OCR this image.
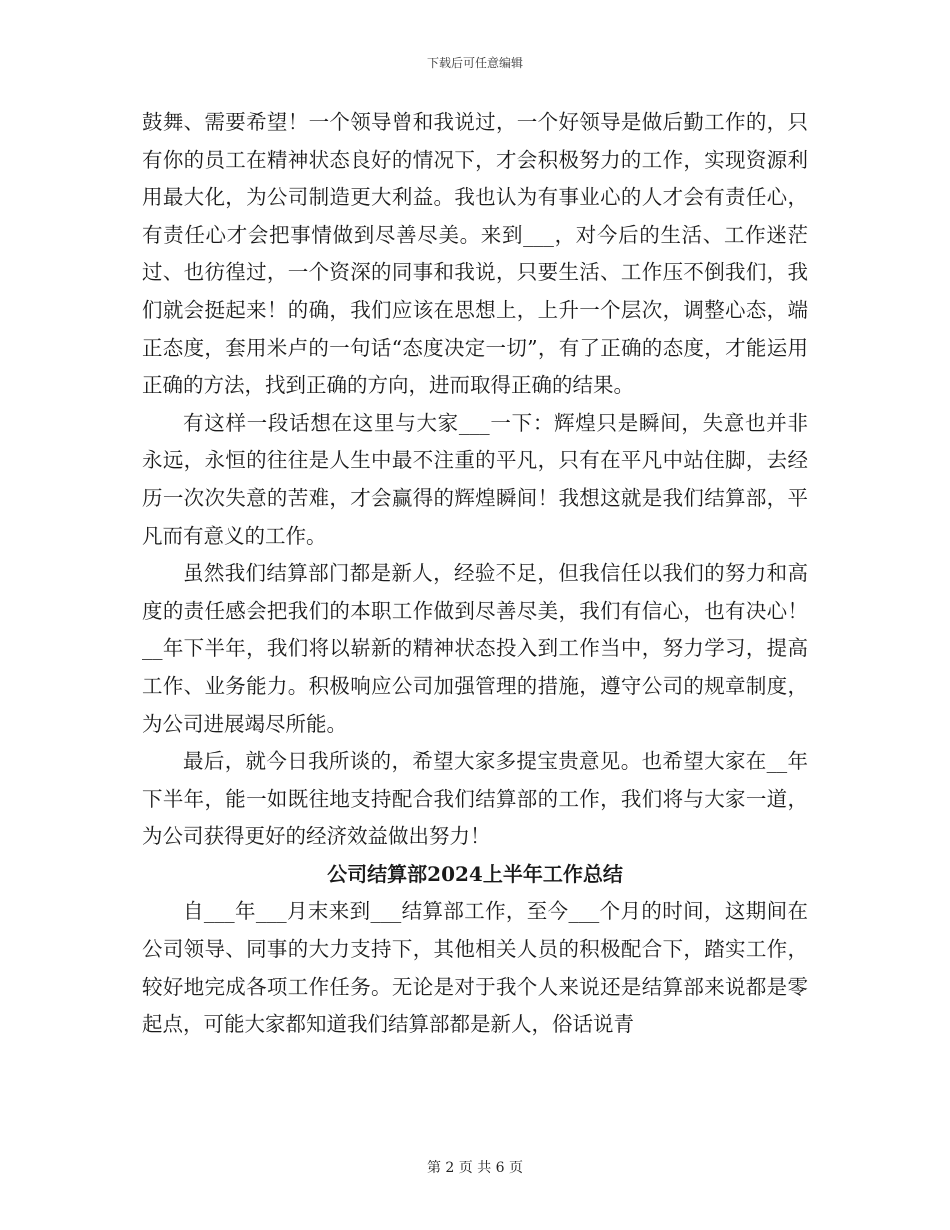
下载后可任意编辑

鼓舞、需要希望！一个领导曾和我说过，一个好领导是做后勤工作的，只有你的员工在精神状态良好的情况下，才会积极努力的工作，实现资源利用最大化，为公司制造更大利益。我也认为有事业心的人才会有责任心，有责任心才会把事情做到尽善尽美。来到___，对今后的生活、工作迷茫过、也彷徨过，一个资深的同事和我说，只要生活、工作压不倒我们，我们就会挺起来！的确，我们应该在思想上，上升一个层次，调整心态，端正态度，套用米卢的一句话“态度决定一切”，有了正确的态度，才能运用正确的方法，找到正确的方向，进而取得正确的结果。

有这样一段话想在这里与大家___一下：辉煌只是瞬间，失意也并非永远，永恒的往往是人生中最不注重的平凡，只有在平凡中站住脚，去经历一次次失意的苦难，才会赢得的辉煌瞬间！我想这就是我们结算部，平凡而有意义的工作。

虽然我们结算部门都是新人，经验不足，但我信任以我们的努力和高度的责任感会把我们的本职工作做到尽善尽美，我们有信心，也有决心！__年下半年，我们将以崭新的精神状态投入到工作当中，努力学习，提高工作、业务能力。积极响应公司加强管理的措施，遵守公司的规章制度，为公司进展竭尽所能。

最后，就今日我所谈的，希望大家多提宝贵意见。也希望大家在__年下半年，能一如既往地支持配合我们结算部的工作，我们将与大家一道，为公司获得更好的经济效益做出努力！

公司结算部2024上半年工作总结

自___年___月末来到___结算部工作，至今___个月的时间，这期间在公司领导、同事的大力支持下，其他相关人员的积极配合下，踏实工作，较好地完成各项工作任务。无论是对于我个人来说还是结算部来说都是零起点，可能大家都知道我们结算部都是新人，俗话说青

第 2 页 共 6 页
